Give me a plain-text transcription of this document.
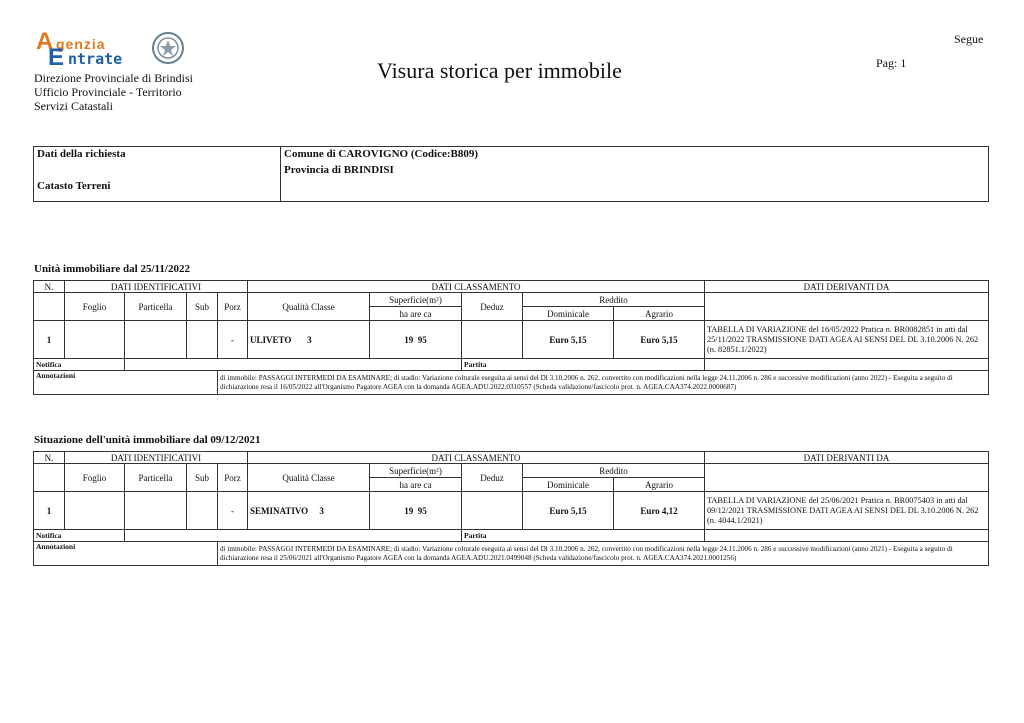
A genzia
E ntrate
Direzione Provinciale di Brindisi
Ufficio Provinciale - Territorio
Servizi Catastali
Visura storica per immobile	Pag: 1
Segue
Dati della richiesta
Catasto Terreni

Comune di CAROVIGNO (Codice:B809)
Provincia di BRINDISI
Unità immobiliare dal 25/11/2022
N.	DATI IDENTIFICATIVI				DATI CLASSAMENTO					DATI DERIVANTI DA
	Foglio	Particella	Sub	Porz	Qualità Classe	Superficie(m²)	Deduz	Reddito		
						ha are ca		Dominicale	Agrario	
1				-	ULIVETO 3	19  95		Euro 5,15	Euro 5,15	TABELLA DI VARIAZIONE del 16/05/2022 Pratica n. BR0082851 in atti dal 25/11/2022 TRASMISSIONE DATI AGEA AI SENSI DEL DL 3.10.2006 N. 262 (n. 82851.1/2022)
Notifica							Partita			
Annotazioni				di immobile: PASSAGGI INTERMEDI DA ESAMINARE; di stadio: Variazione colturale eseguita ai sensi del Dl 3.10.2006 n. 262, convertito con modificazioni nella legge 24.11.2006 n. 286 e successive modificazioni (anno 2022) - Eseguita a seguito di dichiarazione resa il 16/05/2022 all'Organismo Pagatore AGEA con la domanda AGEA.ADU.2022.0310557 (Scheda validazione/fascicolo prot. n. AGEA.CAA374.2022.0000687)						
Situazione dell'unità immobiliare dal 09/12/2021
N.	DATI IDENTIFICATIVI				DATI CLASSAMENTO					DATI DERIVANTI DA
	Foglio	Particella	Sub	Porz	Qualità Classe	Superficie(m²)	Deduz	Reddito		
						ha are ca		Dominicale	Agrario	
1				-	SEMINATIVO 3	19  95		Euro 5,15	Euro 4,12	TABELLA DI VARIAZIONE del 25/06/2021 Pratica n. BR0075403 in atti dal 09/12/2021 TRASMISSIONE DATI AGEA AI SENSI DEL DL 3.10.2006 N. 262 (n. 4044.1/2021)
Notifica							Partita			
Annotazioni				di immobile: PASSAGGI INTERMEDI DA ESAMINARE; di stadio: Variazione colturale eseguita ai sensi del Dl 3.10.2006 n. 262, convertito con modificazioni nella legge 24.11.2006 n. 286 e successive modificazioni (anno 2021) - Eseguita a seguito di dichiarazione resa il 25/06/2021 all'Organismo Pagatore AGEA con la domanda AGEA.ADU.2021.0499048 (Scheda validazione/fascicolo prot. n. AGEA.CAA374.2021.0001256)						
